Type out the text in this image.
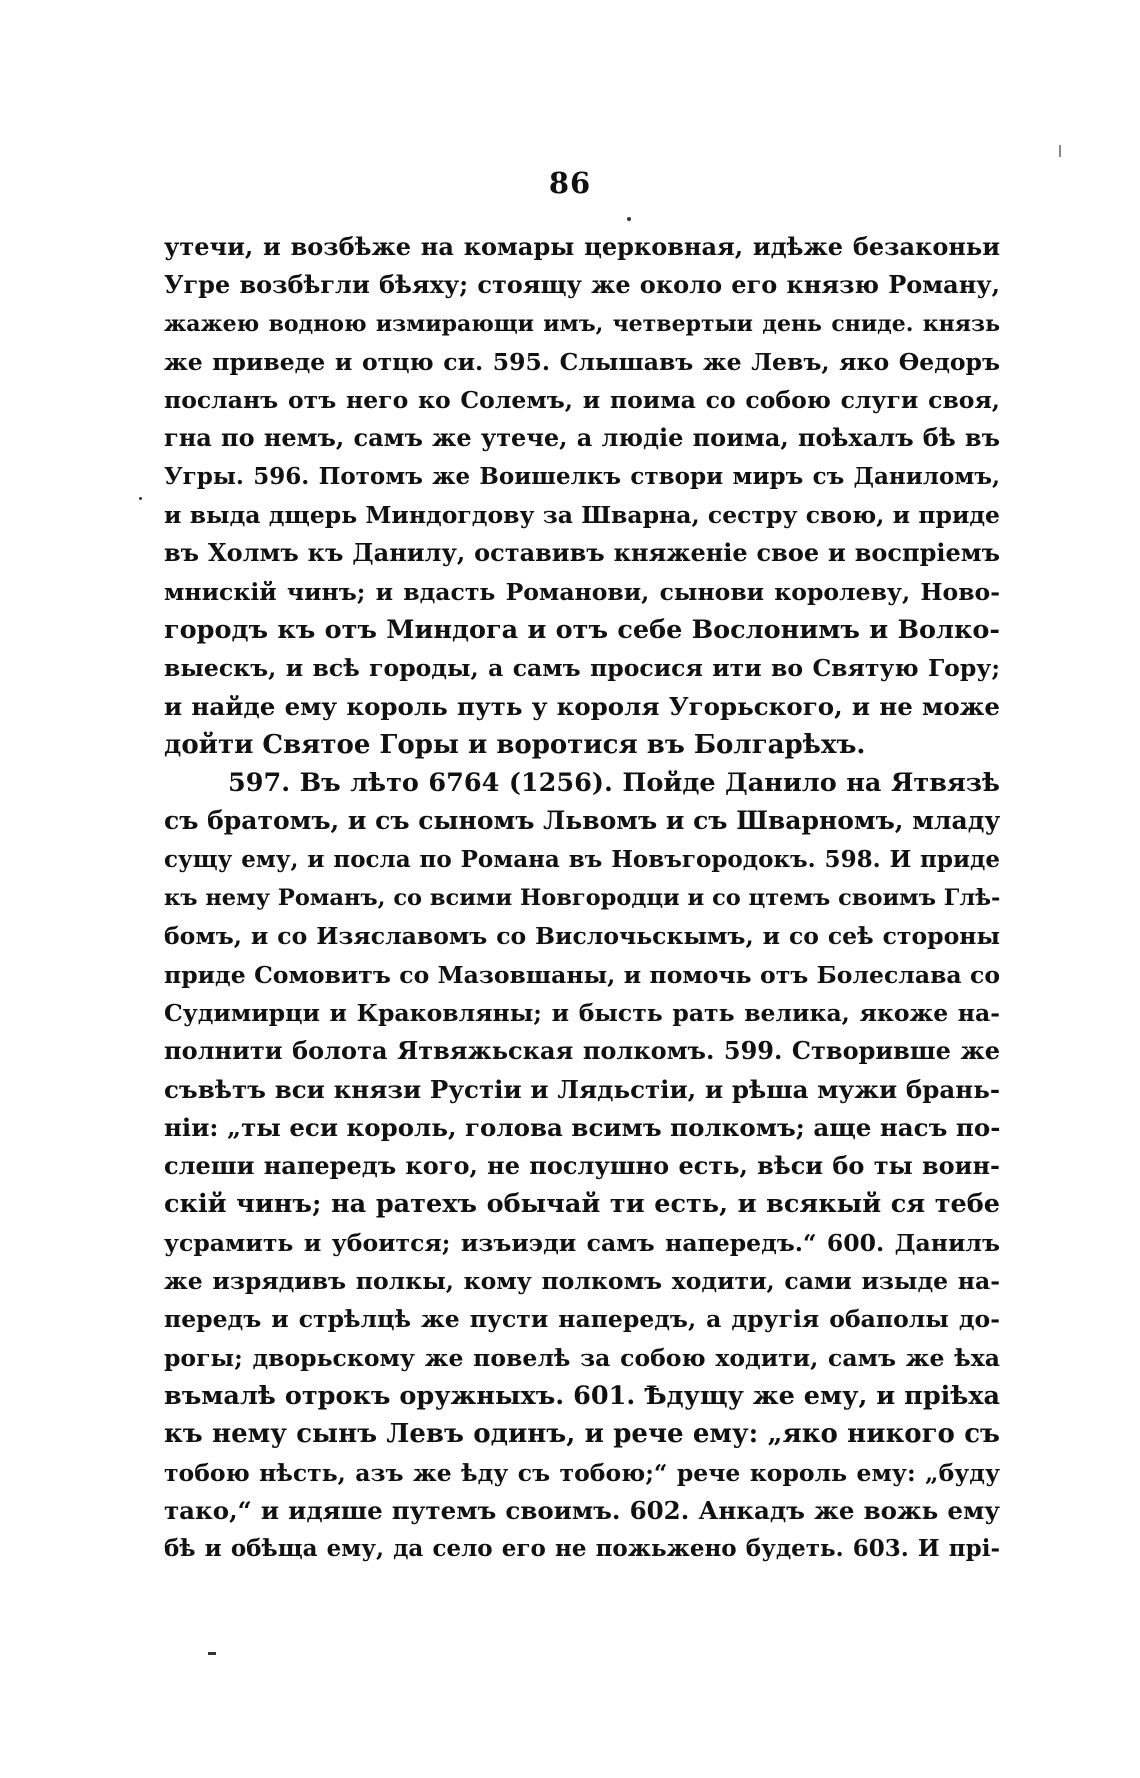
86
утечи, и возбѣже на комары церковная, идѣже безаконьи
Угре возбѣгли бѣяху; стоящу же около его князю Роману,
жажею водною измирающи имъ, четвертыи день сниде. князь
же приведе и отцю си. 595. Слышавъ же Левъ, яко Ѳедоръ
посланъ отъ него ко Солемъ, и поима со собою слуги своя,
гна по немъ, самъ же утече, а людіе поима, поѣхалъ бѣ въ
Угры. 596. Потомъ же Воишелкъ створи миръ съ Даниломъ,
и выда дщерь Миндогдову за Шварна, сестру свою, и приде
въ Холмъ къ Данилу, оставивъ княженіе свое и воспріемъ
мнискій чинъ; и вдасть Романови, сынови королеву, Ново-
городъ къ отъ Миндога и отъ себе Вослонимъ и Волко-
выескъ, и всѣ городы, а самъ просися ити во Святую Гору;
и найде ему король путь у короля Угорьского, и не може
дойти Святое Горы и воротися въ Болгарѣхъ.
597. Въ лѣто 6764 (1256). Пойде Данило на Ятвязѣ
съ братомъ, и съ сыномъ Львомъ и съ Шварномъ, младу
сущу ему, и посла по Романа въ Новъгородокъ. 598. И приде
къ нему Романъ, со всими Новгородци и со цтемъ своимъ Глѣ-
бомъ, и со Изяславомъ со Вислочьскымъ, и со сеѣ стороны
приде Сомовитъ со Мазовшаны, и помочь отъ Болеслава со
Судимирци и Краковляны; и бысть рать велика, якоже на-
полнити болота Ятвяжьская полкомъ. 599. Створивше же
съвѣтъ вси князи Рустіи и Лядьстіи, и рѣша мужи брань-
ніи: „ты еси король, голова всимъ полкомъ; аще насъ по-
слеши напередъ кого, не послушно есть, вѣси бо ты воин-
скій чинъ; на ратехъ обычай ти есть, и всякый ся тебе
усрамить и убоится; изъиэди самъ напередъ.“ 600. Данилъ
же изрядивъ полкы, кому полкомъ ходити, сами изыде на-
передъ и стрѣлцѣ же пусти напередъ, а другія обаполы до-
рогы; дворьскому же повелѣ за собою ходити, самъ же ѣха
въмалѣ отрокъ оружныхъ. 601. Ѣдущу же ему, и пріѣха
къ нему сынъ Левъ одинъ, и рече ему: „яко никого съ
тобою нѣсть, азъ же ѣду съ тобою;“ рече король ему: „буду
тако,“ и идяше путемъ своимъ. 602. Анкадъ же вожь ему
бѣ и обѣща ему, да село его не пожьжено будеть. 603. И прі-
